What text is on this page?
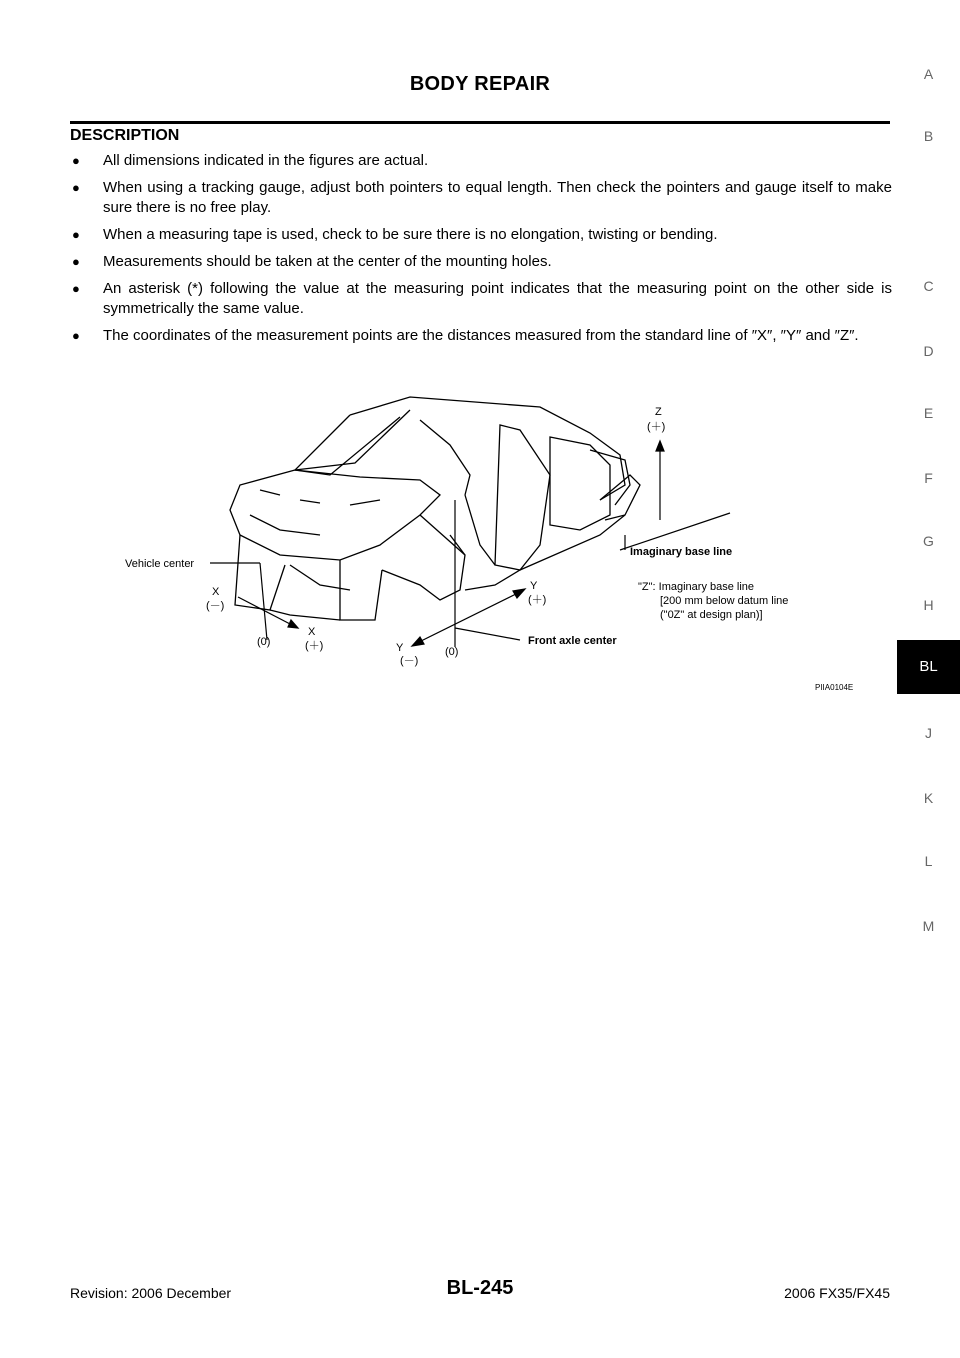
BODY REPAIR
DESCRIPTION
● All dimensions indicated in the figures are actual.
● When using a tracking gauge, adjust both pointers to equal length. Then check the pointers and gauge itself to make sure there is no free play.
● When a measuring tape is used, check to be sure there is no elongation, twisting or bending.
● Measurements should be taken at the center of the mounting holes.
● An asterisk (*) following the value at the measuring point indicates that the measuring point on the other side is symmetrically the same value.
● The coordinates of the measurement points are the distances measured from the standard line of ″X″, ″Y″ and ″Z″.
A
B
C
D
E
F
G
H
BL
J
K
L
M
Z
(＋)
Imaginary base line
Vehicle center
X
(－)
(0)
X
(＋)
Y
(＋)
Y
(－)
(0)
Front axle center
"Z": Imaginary base line
[200 mm below datum line
("0Z" at design plan)]
PIIA0104E
Revision: 2006 December	BL-245	2006 FX35/FX45
